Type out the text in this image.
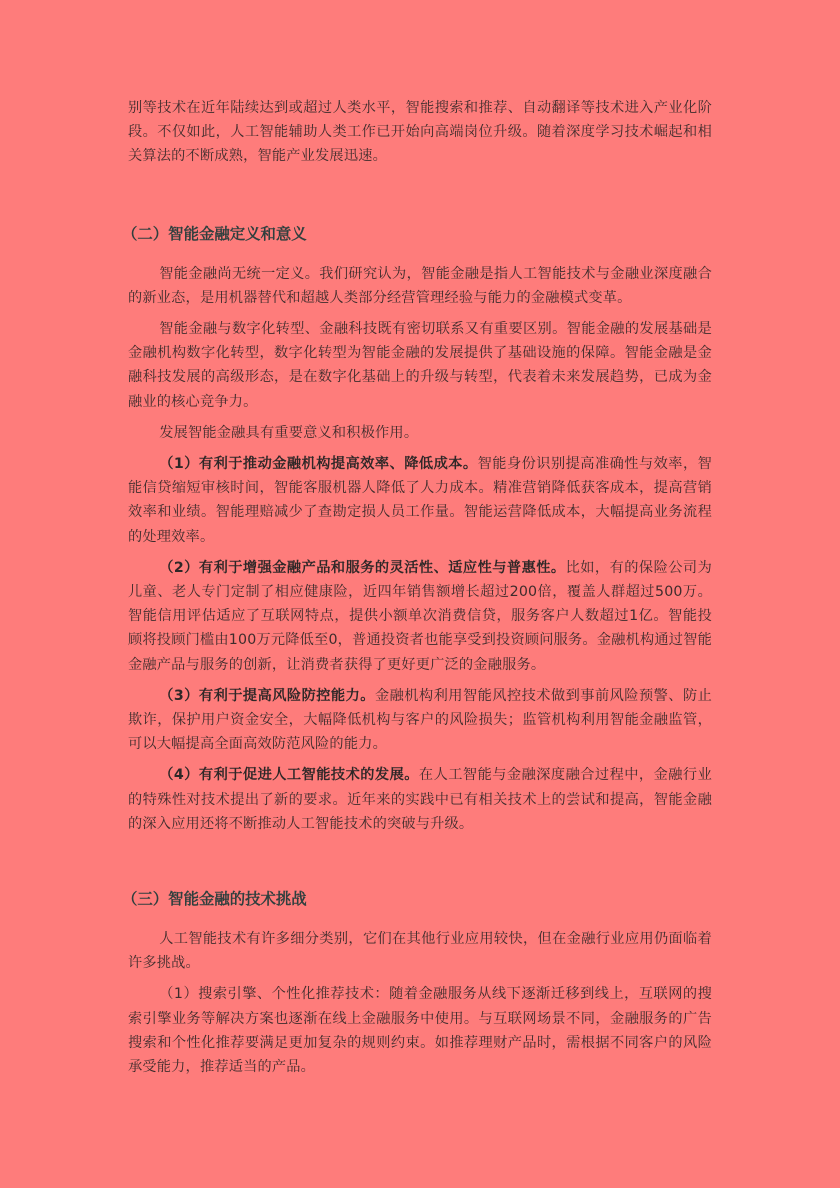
别等技术在近年陆续达到或超过人类水平，智能搜索和推荐、自动翻译等技术进入产业化阶段。不仅如此，人工智能辅助人类工作已开始向高端岗位升级。随着深度学习技术崛起和相关算法的不断成熟，智能产业发展迅速。

（二）智能金融定义和意义

智能金融尚无统一定义。我们研究认为，智能金融是指人工智能技术与金融业深度融合的新业态，是用机器替代和超越人类部分经营管理经验与能力的金融模式变革。

智能金融与数字化转型、金融科技既有密切联系又有重要区别。智能金融的发展基础是金融机构数字化转型，数字化转型为智能金融的发展提供了基础设施的保障。智能金融是金融科技发展的高级形态，是在数字化基础上的升级与转型，代表着未来发展趋势，已成为金融业的核心竞争力。

发展智能金融具有重要意义和积极作用。

（1）有利于推动金融机构提高效率、降低成本。智能身份识别提高准确性与效率，智能信贷缩短审核时间，智能客服机器人降低了人力成本。精准营销降低获客成本，提高营销效率和业绩。智能理赔减少了查勘定损人员工作量。智能运营降低成本，大幅提高业务流程的处理效率。

（2）有利于增强金融产品和服务的灵活性、适应性与普惠性。比如，有的保险公司为儿童、老人专门定制了相应健康险，近四年销售额增长超过200倍，覆盖人群超过500万。智能信用评估适应了互联网特点，提供小额单次消费信贷，服务客户人数超过1亿。智能投顾将投顾门槛由100万元降低至0，普通投资者也能享受到投资顾问服务。金融机构通过智能金融产品与服务的创新，让消费者获得了更好更广泛的金融服务。

（3）有利于提高风险防控能力。金融机构利用智能风控技术做到事前风险预警、防止欺诈，保护用户资金安全，大幅降低机构与客户的风险损失；监管机构利用智能金融监管，可以大幅提高全面高效防范风险的能力。

（4）有利于促进人工智能技术的发展。在人工智能与金融深度融合过程中，金融行业的特殊性对技术提出了新的要求。近年来的实践中已有相关技术上的尝试和提高，智能金融的深入应用还将不断推动人工智能技术的突破与升级。

（三）智能金融的技术挑战

人工智能技术有许多细分类别，它们在其他行业应用较快，但在金融行业应用仍面临着许多挑战。

（1）搜索引擎、个性化推荐技术：随着金融服务从线下逐渐迁移到线上，互联网的搜索引擎业务等解决方案也逐渐在线上金融服务中使用。与互联网场景不同，金融服务的广告搜索和个性化推荐要满足更加复杂的规则约束。如推荐理财产品时，需根据不同客户的风险承受能力，推荐适当的产品。
